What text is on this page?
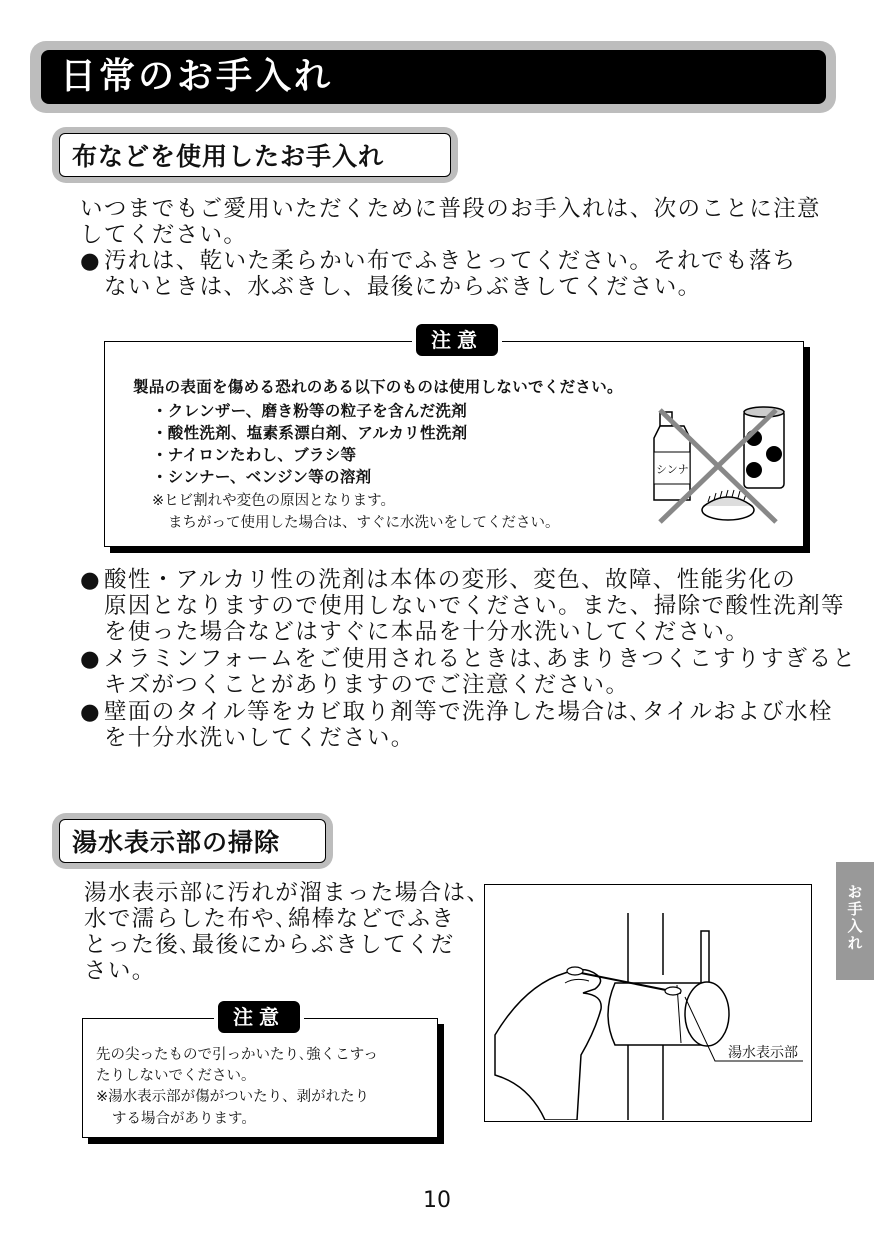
日常のお手入れ
布などを使用したお手入れ
いつまでもご愛用いただくために普段のお手入れは、次のことに注意
してください。
● 汚れは、乾いた柔らかい布でふきとってください。それでも落ち
ないときは、水ぶきし、最後にからぶきしてください。
注意
製品の表面を傷める恐れのある以下のものは使用しないでください。
・クレンザー、磨き粉等の粒子を含んだ洗剤
・酸性洗剤、塩素系漂白剤、アルカリ性洗剤
・ナイロンたわし、ブラシ等
・シンナー、ベンジン等の溶剤
※ヒビ割れや変色の原因となります。
まちがって使用した場合は、すぐに水洗いをしてください。
シンナ
● 酸性・アルカリ性の洗剤は本体の変形、変色、故障、性能劣化の
原因となりますので使用しないでください。また、掃除で酸性洗剤等
を使った場合などはすぐに本品を十分水洗いしてください。
● メラミンフォームをご使用されるときは､あまりきつくこすりすぎると
キズがつくことがありますのでご注意ください。
● 壁面のタイル等をカビ取り剤等で洗浄した場合は､タイルおよび水栓
を十分水洗いしてください。
湯水表示部の掃除
湯水表示部に汚れが溜まった場合は、
水で濡らした布や､綿棒などでふき
とった後､最後にからぶきしてくだ
さい。
注意
先の尖ったもので引っかいたり､強くこすっ
たりしないでください。
※湯水表示部が傷がついたり、剥がれたり
する場合があります。
湯水表示部
お手入れ
10
